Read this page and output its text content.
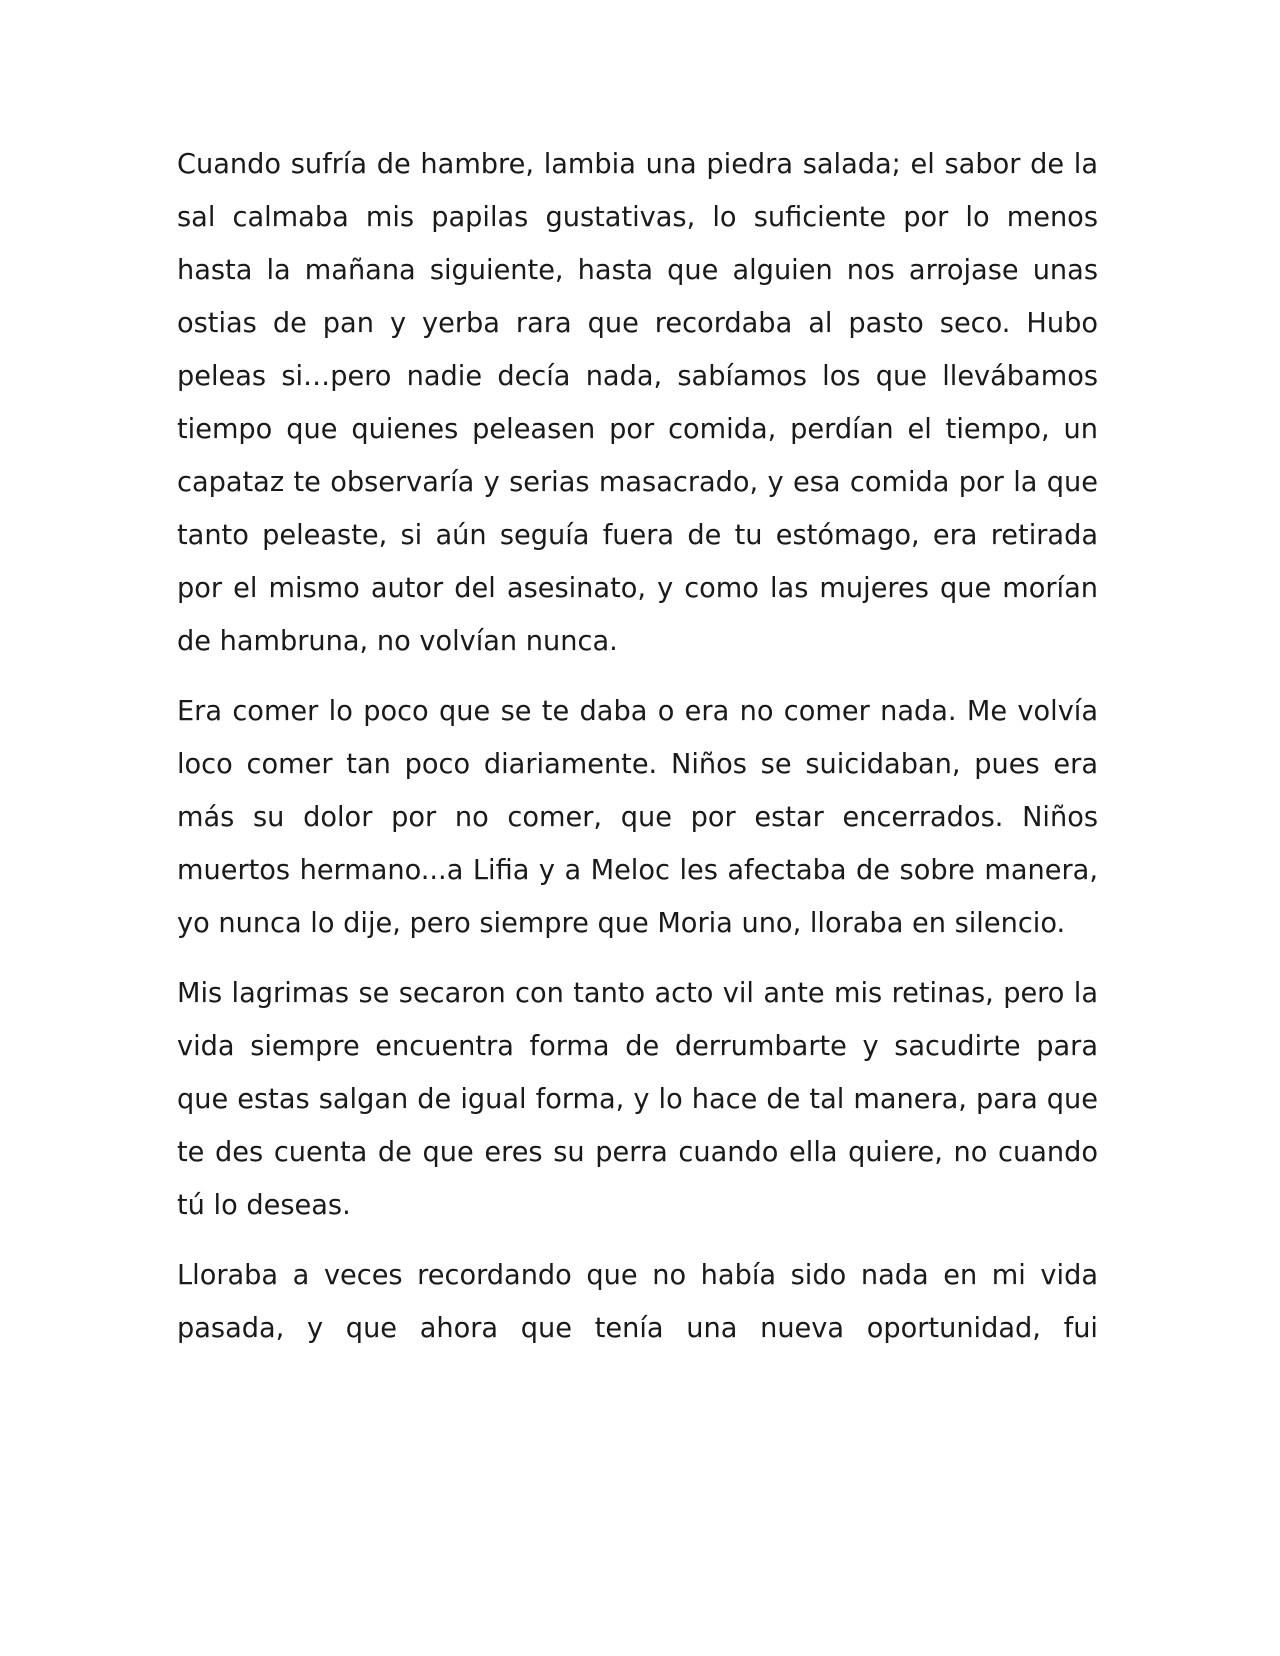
Cuando sufría de hambre, lambia una piedra salada; el sabor de la sal calmaba mis papilas gustativas, lo suficiente por lo menos hasta la mañana siguiente, hasta que alguien nos arrojase unas ostias de pan y yerba rara que recordaba al pasto seco. Hubo peleas si…pero nadie decía nada, sabíamos los que llevábamos tiempo que quienes peleasen por comida, perdían el tiempo, un capataz te observaría y serias masacrado, y esa comida por la que tanto peleaste, si aún seguía fuera de tu estómago, era retirada por el mismo autor del asesinato, y como las mujeres que morían de hambruna, no volvían nunca.

Era comer lo poco que se te daba o era no comer nada. Me volvía loco comer tan poco diariamente. Niños se suicidaban, pues era más su dolor por no comer, que por estar encerrados. Niños muertos hermano...a Lifia y a Meloc les afectaba de sobre manera, yo nunca lo dije, pero siempre que Moria uno, lloraba en silencio.

Mis lagrimas se secaron con tanto acto vil ante mis retinas, pero la vida siempre encuentra forma de derrumbarte y sacudirte para que estas salgan de igual forma, y lo hace de tal manera, para que te des cuenta de que eres su perra cuando ella quiere, no cuando tú lo deseas.

Lloraba a veces recordando que no había sido nada en mi vida pasada, y que ahora que tenía una nueva oportunidad, fui
